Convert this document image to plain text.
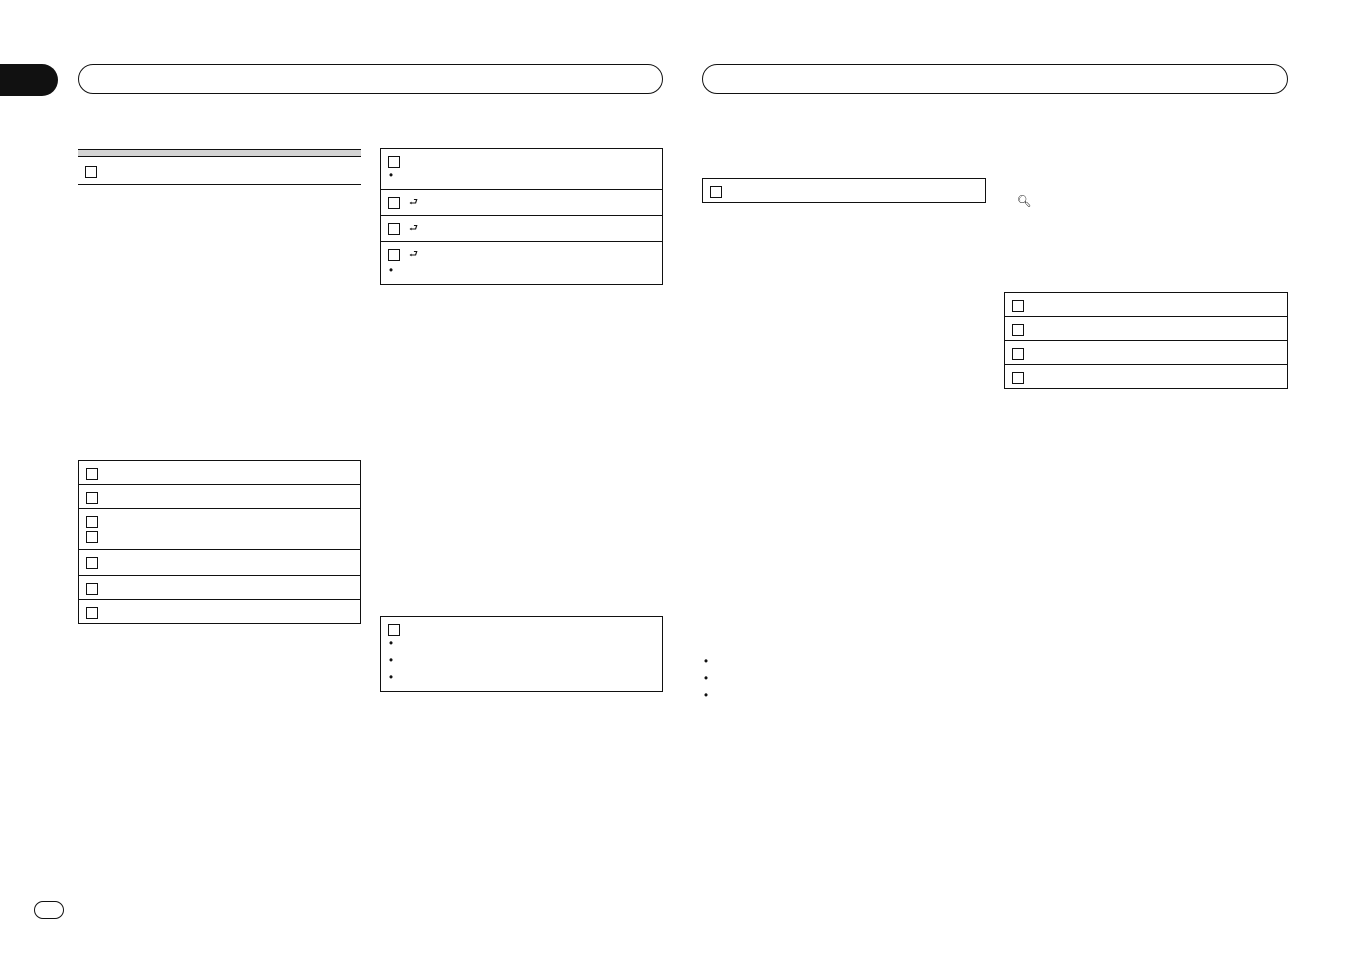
•
⮐
⮐
⮐
•
•
•
•
•
•
•
🔍︎
